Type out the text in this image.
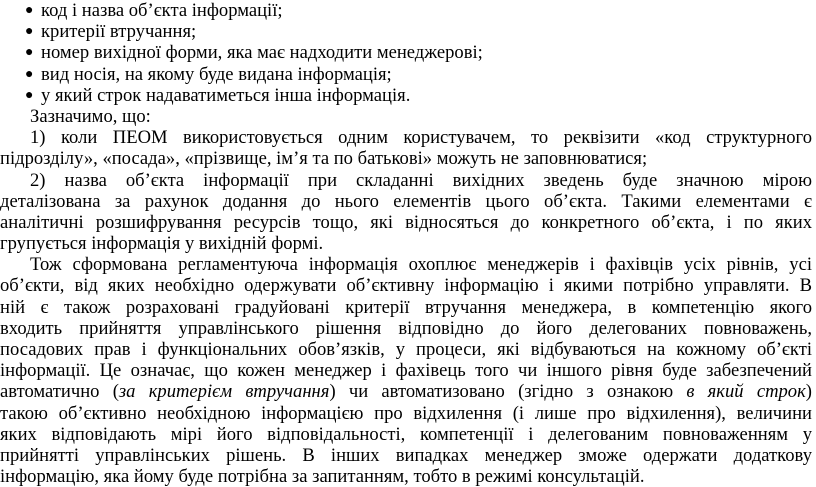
● код і назва об’єкта інформації;
● критерії втручання;
● номер вихідної форми, яка має надходити менеджерові;
● вид носія, на якому буде видана інформація;
● у який строк надаватиметься інша інформація.
Зазначимо, що:
1) коли ПЕОМ використовується одним користувачем, то реквізити «код структурного
підрозділу», «посада», «прізвище, ім’я та по батькові» можуть не заповнюватися;
2) назва об’єкта інформації при складанні вихідних зведень буде значною мірою
деталізована за рахунок додання до нього елементів цього об’єкта. Такими елементами є
аналітичні розшифрування ресурсів тощо, які відносяться до конкретного об’єкта, і по яких
групується інформація у вихідній формі.
Тож сформована регламентуюча інформація охоплює менеджерів і фахівців усіх рівнів, усі
об’єкти, від яких необхідно одержувати об’єктивну інформацію і якими потрібно управляти. В
ній є також розраховані градуйовані критерії втручання менеджера, в компетенцію якого
входить прийняття управлінського рішення відповідно до його делегованих повноважень,
посадових прав і функціональних обов’язків, у процеси, які відбуваються на кожному об’єкті
інформації. Це означає, що кожен менеджер і фахівець того чи іншого рівня буде забезпечений
автоматично (за критерієм втручання) чи автоматизовано (згідно з ознакою в який строк)
такою об’єктивно необхідною інформацією про відхилення (і лише про відхилення), величини
яких відповідають мірі його відповідальності, компетенції і делегованим повноваженням у
прийнятті управлінських рішень. В інших випадках менеджер зможе одержати додаткову
інформацію, яка йому буде потрібна за запитанням, тобто в режимі консультацій.
